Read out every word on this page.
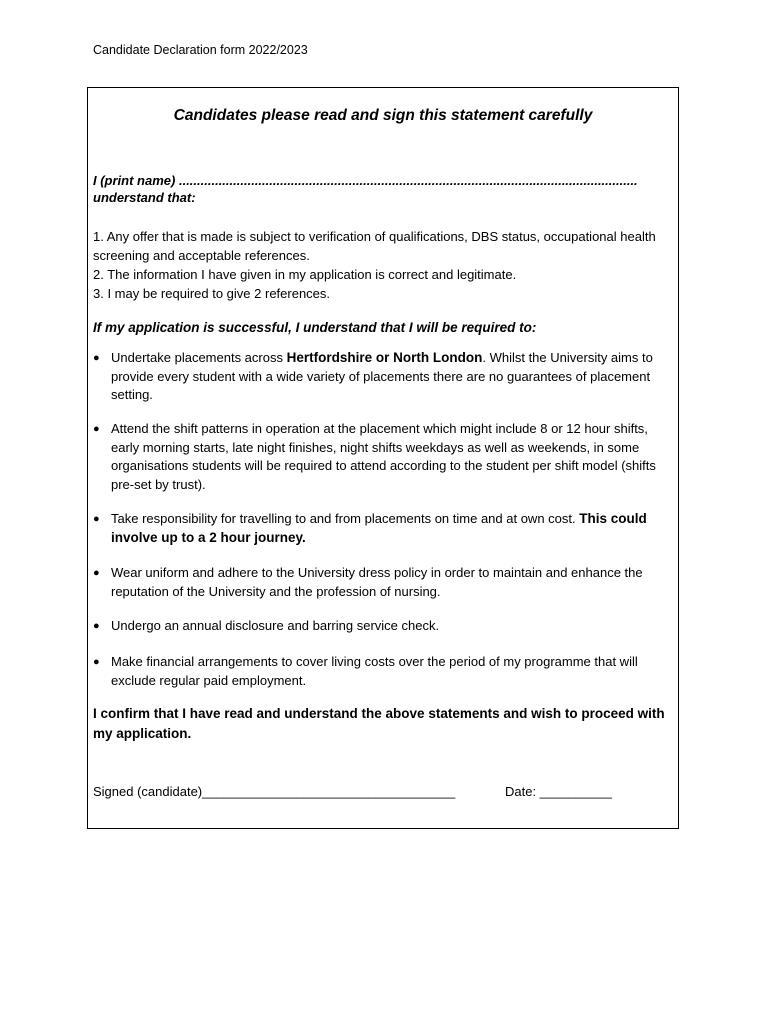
Candidate Declaration form 2022/2023
Candidates please read and sign this statement carefully
I (print name) ...............................................................................................................................
understand that:

1. Any offer that is made is subject to verification of qualifications, DBS status, occupational health screening and acceptable references.

2. The information I have given in my application is correct and legitimate.

3. I may be required to give 2 references.

If my application is successful, I understand that I will be required to:
● Undertake placements across Hertfordshire or North London. Whilst the University aims to provide every student with a wide variety of placements there are no guarantees of placement setting.
● Attend the shift patterns in operation at the placement which might include 8 or 12 hour shifts, early morning starts, late night finishes, night shifts weekdays as well as weekends, in some organisations students will be required to attend according to the student per shift model (shifts pre-set by trust).
● Take responsibility for travelling to and from placements on time and at own cost. This could involve up to a 2 hour journey.
● Wear uniform and adhere to the University dress policy in order to maintain and enhance the reputation of the University and the profession of nursing.
● Undergo an annual disclosure and barring service check.
● Make financial arrangements to cover living costs over the period of my programme that will exclude regular paid employment.
I confirm that I have read and understand the above statements and wish to proceed with my application.
Signed (candidate)___________________________________	Date: __________
